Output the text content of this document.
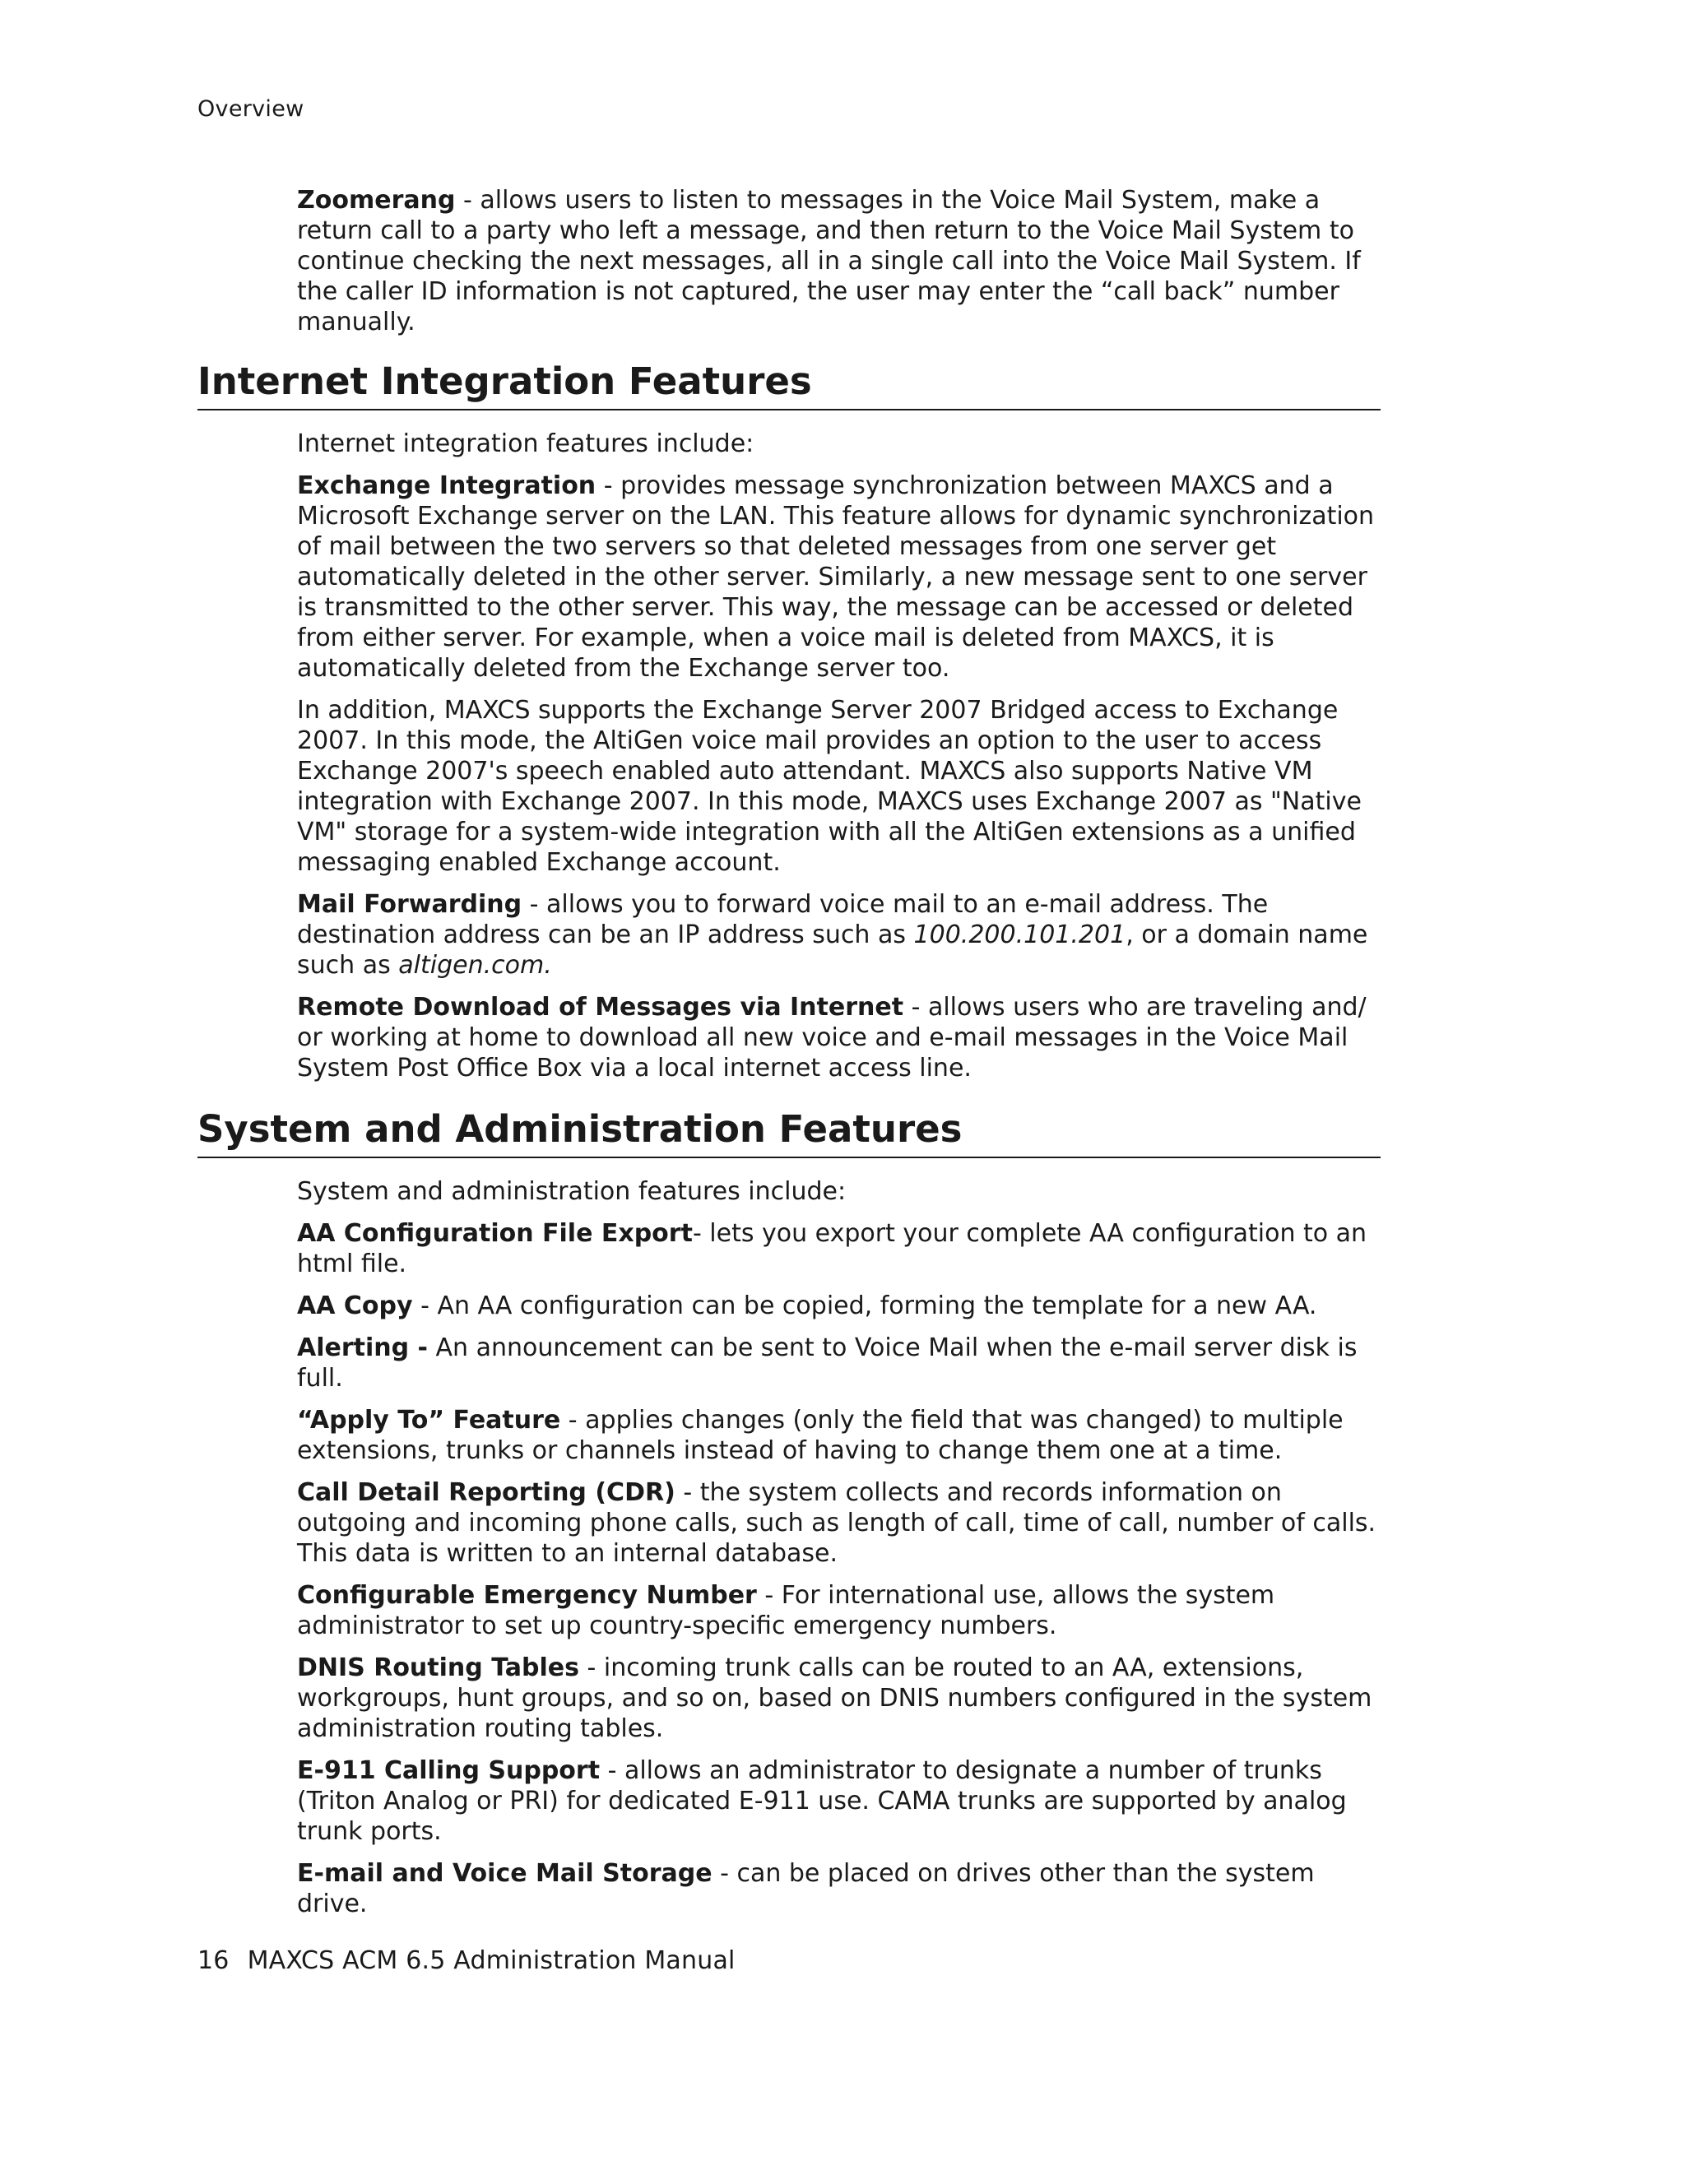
Overview

Zoomerang - allows users to listen to messages in the Voice Mail System, make a return call to a party who left a message, and then return to the Voice Mail System to continue checking the next messages, all in a single call into the Voice Mail System. If the caller ID information is not captured, the user may enter the “call back” number manually.

Internet Integration Features

Internet integration features include:

Exchange Integration - provides message synchronization between MAXCS and a Microsoft Exchange server on the LAN. This feature allows for dynamic synchronization of mail between the two servers so that deleted messages from one server get automatically deleted in the other server. Similarly, a new message sent to one server is transmitted to the other server. This way, the message can be accessed or deleted from either server. For example, when a voice mail is deleted from MAXCS, it is automatically deleted from the Exchange server too.

In addition, MAXCS supports the Exchange Server 2007 Bridged access to Exchange 2007. In this mode, the AltiGen voice mail provides an option to the user to access Exchange 2007's speech enabled auto attendant. MAXCS also supports Native VM integration with Exchange 2007. In this mode, MAXCS uses Exchange 2007 as "Native VM" storage for a system-wide integration with all the AltiGen extensions as a unified messaging enabled Exchange account.

Mail Forwarding - allows you to forward voice mail to an e-mail address. The destination address can be an IP address such as 100.200.101.201, or a domain name such as altigen.com.

Remote Download of Messages via Internet - allows users who are traveling and/ or working at home to download all new voice and e-mail messages in the Voice Mail System Post Office Box via a local internet access line.

System and Administration Features

System and administration features include:

AA Configuration File Export- lets you export your complete AA configuration to an html file.

AA Copy - An AA configuration can be copied, forming the template for a new AA.

Alerting - An announcement can be sent to Voice Mail when the e-mail server disk is full.

“Apply To” Feature - applies changes (only the field that was changed) to multiple extensions, trunks or channels instead of having to change them one at a time.

Call Detail Reporting (CDR) - the system collects and records information on outgoing and incoming phone calls, such as length of call, time of call, number of calls. This data is written to an internal database.

Configurable Emergency Number - For international use, allows the system administrator to set up country-specific emergency numbers.

DNIS Routing Tables - incoming trunk calls can be routed to an AA, extensions, workgroups, hunt groups, and so on, based on DNIS numbers configured in the system administration routing tables.

E-911 Calling Support - allows an administrator to designate a number of trunks (Triton Analog or PRI) for dedicated E-911 use. CAMA trunks are supported by analog trunk ports.

E-mail and Voice Mail Storage - can be placed on drives other than the system drive.

16 MAXCS ACM 6.5 Administration Manual
